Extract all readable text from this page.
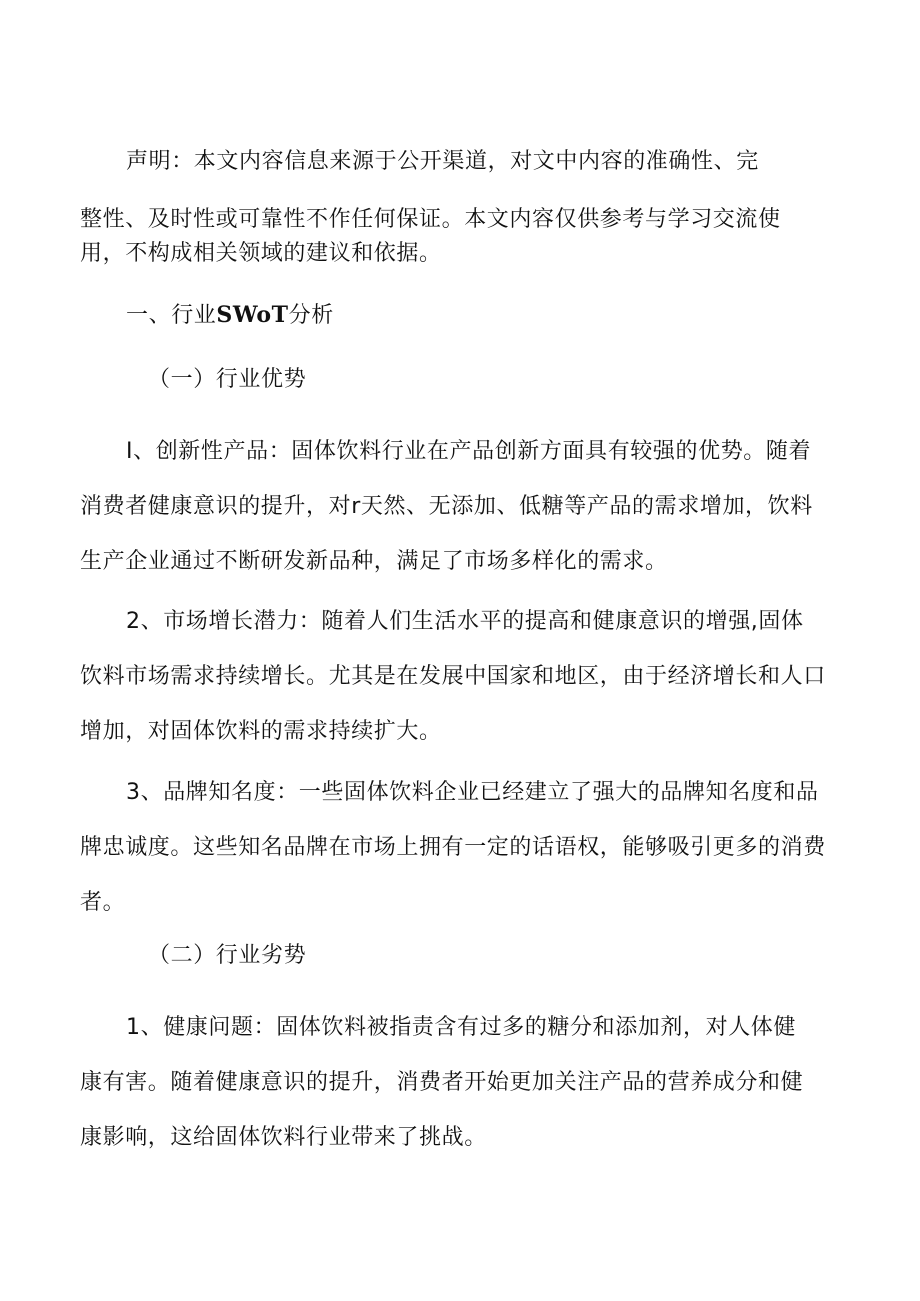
声明：本文内容信息来源于公开渠道，对文中内容的准确性、完
整性、及时性或可靠性不作任何保证。本文内容仅供参考与学习交流使
用，不构成相关领域的建议和依据。
一、行业SWoT分析
（一）行业优势
I、创新性产品：固体饮料行业在产品创新方面具有较强的优势。随着
消费者健康意识的提升，对r天然、无添加、低糖等产品的需求增加，饮料
生产企业通过不断研发新品种，满足了市场多样化的需求。
2、市场增长潜力：随着人们生活水平的提高和健康意识的增强,固体
饮料市场需求持续增长。尤其是在发展中国家和地区，由于经济增长和人口
增加，对固体饮料的需求持续扩大。
3、品牌知名度：一些固体饮料企业已经建立了强大的品牌知名度和品
牌忠诚度。这些知名品牌在市场上拥有一定的话语权，能够吸引更多的消费
者。
（二）行业劣势
1、健康问题：固体饮料被指责含有过多的糖分和添加剂，对人体健
康有害。随着健康意识的提升，消费者开始更加关注产品的营养成分和健
康影响，这给固体饮料行业带来了挑战。
